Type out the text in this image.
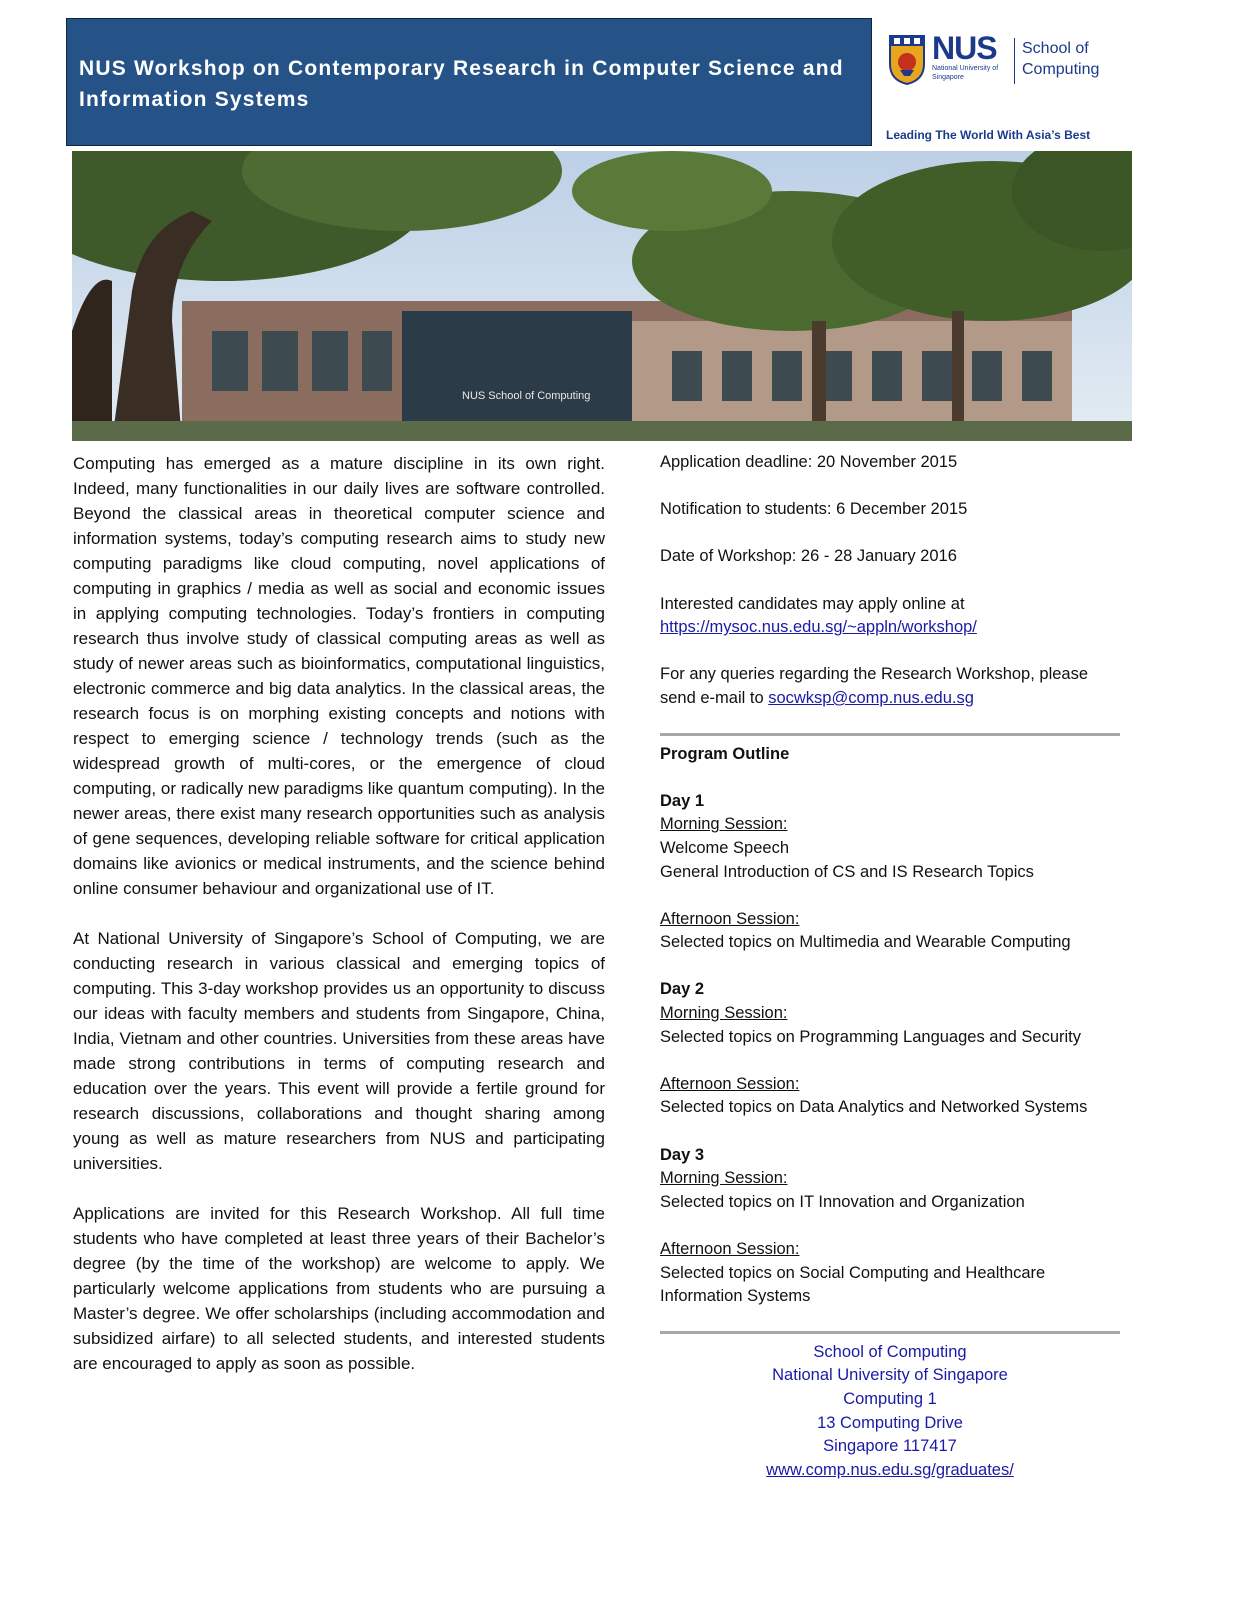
NUS Workshop on Contemporary Research in Computer Science and Information Systems
NUS
National University of Singapore
School of Computing
Leading The World With Asia’s Best
NUS School of Computing

Computing has emerged as a mature discipline in its own right. Indeed, many functionalities in our daily lives are software controlled. Beyond the classical areas in theoretical computer science and information systems, today’s computing research aims to study new computing paradigms like cloud computing, novel applications of computing in graphics / media as well as social and economic issues in applying computing technologies. Today’s frontiers in computing research thus involve study of classical computing areas as well as study of newer areas such as bioinformatics, computational linguistics, electronic commerce and big data analytics. In the classical areas, the research focus is on morphing existing concepts and notions with respect to emerging science / technology trends (such as the widespread growth of multi-cores, or the emergence of cloud computing, or radically new paradigms like quantum computing). In the newer areas, there exist many research opportunities such as analysis of gene sequences, developing reliable software for critical application domains like avionics or medical instruments, and the science behind online consumer behaviour and organizational use of IT.

At National University of Singapore’s School of Computing, we are conducting research in various classical and emerging topics of computing. This 3-day workshop provides us an opportunity to discuss our ideas with faculty members and students from Singapore, China, India, Vietnam and other countries. Universities from these areas have made strong contributions in terms of computing research and education over the years. This event will provide a fertile ground for research discussions, collaborations and thought sharing among young as well as mature researchers from NUS and participating universities.

Applications are invited for this Research Workshop. All full time students who have completed at least three years of their Bachelor’s degree (by the time of the workshop) are welcome to apply. We particularly welcome applications from students who are pursuing a Master’s degree. We offer scholarships (including accommodation and subsidized airfare) to all selected students, and interested students are encouraged to apply as soon as possible.

Application deadline: 20 November 2015

Notification to students: 6 December 2015

Date of Workshop: 26 - 28 January 2016

Interested candidates may apply online at

https://mysoc.nus.edu.sg/~appln/workshop/

For any queries regarding the Research Workshop, please

send e-mail to socwksp@comp.nus.edu.sg

Program Outline

Day 1

Morning Session:

Welcome Speech

General Introduction of CS and IS Research Topics

Afternoon Session:

Selected topics on Multimedia and Wearable Computing

Day 2

Morning Session:

Selected topics on Programming Languages and Security

Afternoon Session:

Selected topics on Data Analytics and Networked Systems

Day 3

Morning Session:

Selected topics on IT Innovation and Organization

Afternoon Session:

Selected topics on Social Computing and Healthcare

Information Systems

School of Computing

National University of Singapore

Computing 1

13 Computing Drive

Singapore 117417

www.comp.nus.edu.sg/graduates/
